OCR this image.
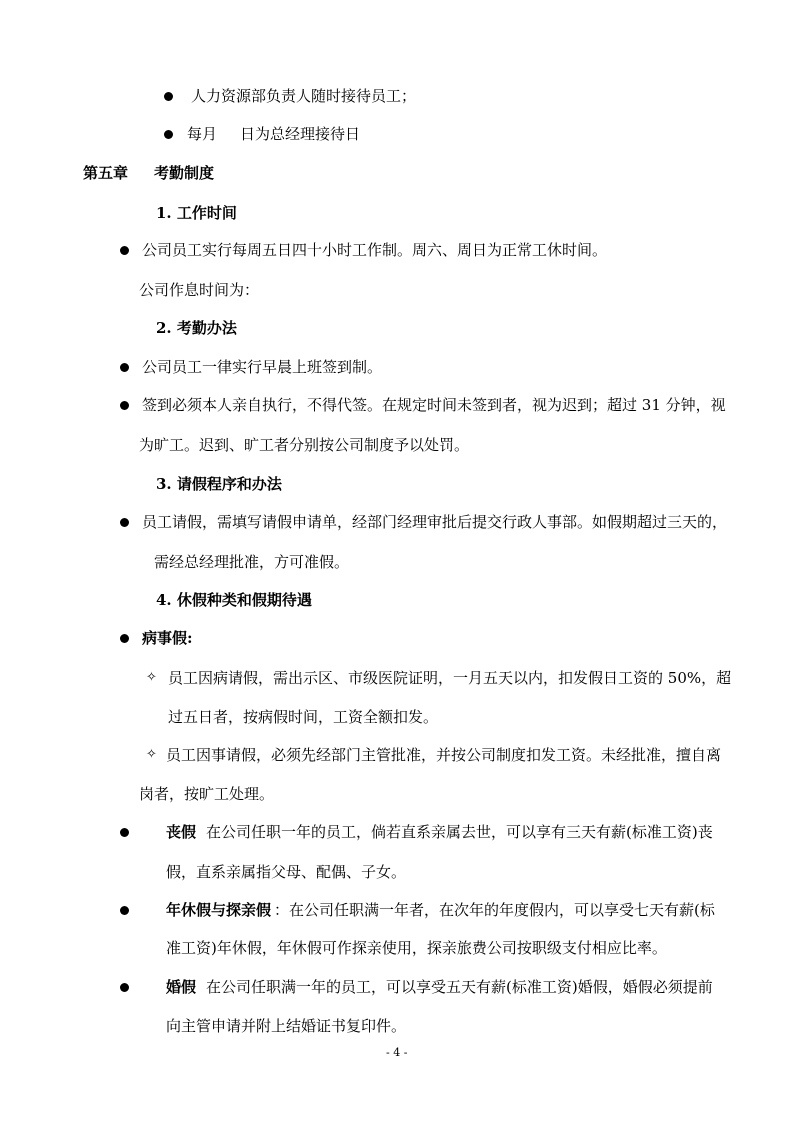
人力资源部负责人随时接待员工；
每月 日为总经理接待日
第五章 考勤制度
1. 工作时间
公司员工实行每周五日四十小时工作制。周六、周日为正常工休时间。
公司作息时间为：
2. 考勤办法
公司员工一律实行早晨上班签到制。
签到必须本人亲自执行，不得代签。在规定时间未签到者，视为迟到；超过 31 分钟，视
为旷工。迟到、旷工者分别按公司制度予以处罚。
3. 请假程序和办法
员工请假，需填写请假申请单，经部门经理审批后提交行政人事部。如假期超过三天的，
需经总经理批准，方可准假。
4. 休假种类和假期待遇
病事假:
✧ 员工因病请假，需出示区、市级医院证明，一月五天以内，扣发假日工资的 50%，超
过五日者，按病假时间，工资全额扣发。
✧ 员工因事请假，必须先经部门主管批准，并按公司制度扣发工资。未经批准，擅自离
岗者，按旷工处理。
丧假 在公司任职一年的员工，倘若直系亲属去世，可以享有三天有薪(标准工资)丧
假，直系亲属指父母、配偶、子女。
年休假与探亲假 ：在公司任职满一年者，在次年的年度假内，可以享受七天有薪(标
准工资)年休假，年休假可作探亲使用，探亲旅费公司按职级支付相应比率。
婚假 在公司任职满一年的员工，可以享受五天有薪(标准工资)婚假，婚假必须提前
向主管申请并附上结婚证书复印件。
- 4 -
